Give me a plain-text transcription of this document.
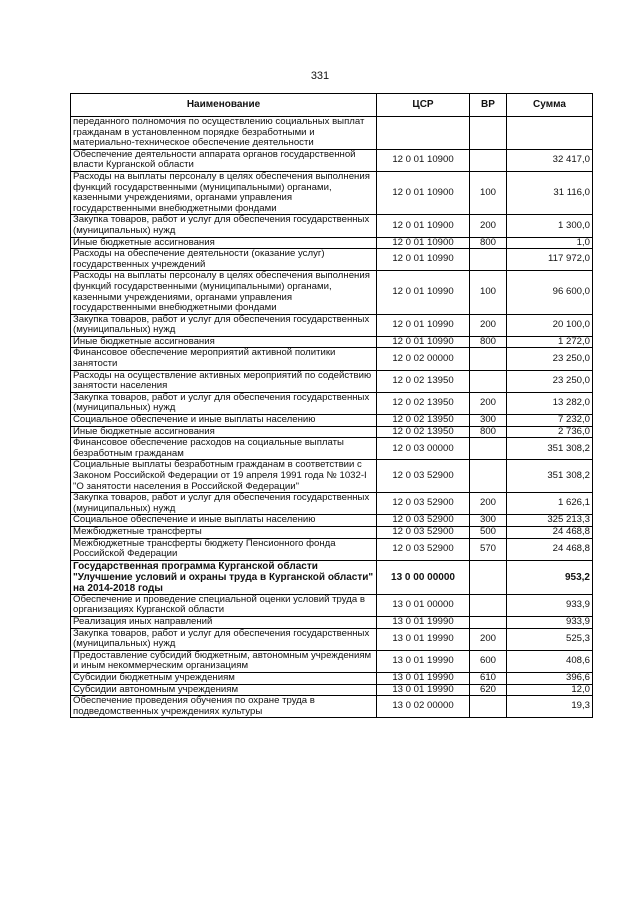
331
Наименование	ЦСР	ВР	Сумма
переданного полномочия по осуществлению социальных выплат гражданам в установленном порядке безработными и материально-техническое обеспечение деятельности			
Обеспечение деятельности аппарата органов государственной власти Курганской области	12 0 01 10900		32 417,0
Расходы на выплаты персоналу в целях обеспечения выполнения функций государственными (муниципальными) органами, казенными учреждениями, органами управления государственными внебюджетными фондами	12 0 01 10900	100	31 116,0
Закупка товаров, работ и услуг для обеспечения государственных (муниципальных) нужд	12 0 01 10900	200	1 300,0
Иные бюджетные ассигнования	12 0 01 10900	800	1,0
Расходы на обеспечение деятельности (оказание услуг) государственных учреждений	12 0 01 10990		117 972,0
Расходы на выплаты персоналу в целях обеспечения выполнения функций государственными (муниципальными) органами, казенными учреждениями, органами управления государственными внебюджетными фондами	12 0 01 10990	100	96 600,0
Закупка товаров, работ и услуг для обеспечения государственных (муниципальных) нужд	12 0 01 10990	200	20 100,0
Иные бюджетные ассигнования	12 0 01 10990	800	1 272,0
Финансовое обеспечение мероприятий активной политики занятости	12 0 02 00000		23 250,0
Расходы на осуществление активных мероприятий по содействию занятости населения	12 0 02 13950		23 250,0
Закупка товаров, работ и услуг для обеспечения государственных (муниципальных) нужд	12 0 02 13950	200	13 282,0
Социальное обеспечение и иные выплаты населению	12 0 02 13950	300	7 232,0
Иные бюджетные ассигнования	12 0 02 13950	800	2 736,0
Финансовое обеспечение расходов на социальные выплаты безработным гражданам	12 0 03 00000		351 308,2
Социальные выплаты безработным гражданам в соответствии с Законом Российской Федерации от 19 апреля 1991 года № 1032-I "О занятости населения в Российской Федерации"	12 0 03 52900		351 308,2
Закупка товаров, работ и услуг для обеспечения государственных (муниципальных) нужд	12 0 03 52900	200	1 626,1
Социальное обеспечение и иные выплаты населению	12 0 03 52900	300	325 213,3
Межбюджетные трансферты	12 0 03 52900	500	24 468,8
Межбюджетные трансферты бюджету Пенсионного фонда Российской Федерации	12 0 03 52900	570	24 468,8
Государственная программа Курганской области "Улучшение условий и охраны труда в Курганской области" на 2014-2018 годы	13 0 00 00000		953,2
Обеспечение и проведение специальной оценки условий труда в организациях Курганской области	13 0 01 00000		933,9
Реализация иных направлений	13 0 01 19990		933,9
Закупка товаров, работ и услуг для обеспечения государственных (муниципальных) нужд	13 0 01 19990	200	525,3
Предоставление субсидий бюджетным, автономным учреждениям и иным некоммерческим организациям	13 0 01 19990	600	408,6
Субсидии бюджетным учреждениям	13 0 01 19990	610	396,6
Субсидии автономным учреждениям	13 0 01 19990	620	12,0
Обеспечение проведения обучения по охране труда в подведомственных учреждениях культуры	13 0 02 00000		19,3
